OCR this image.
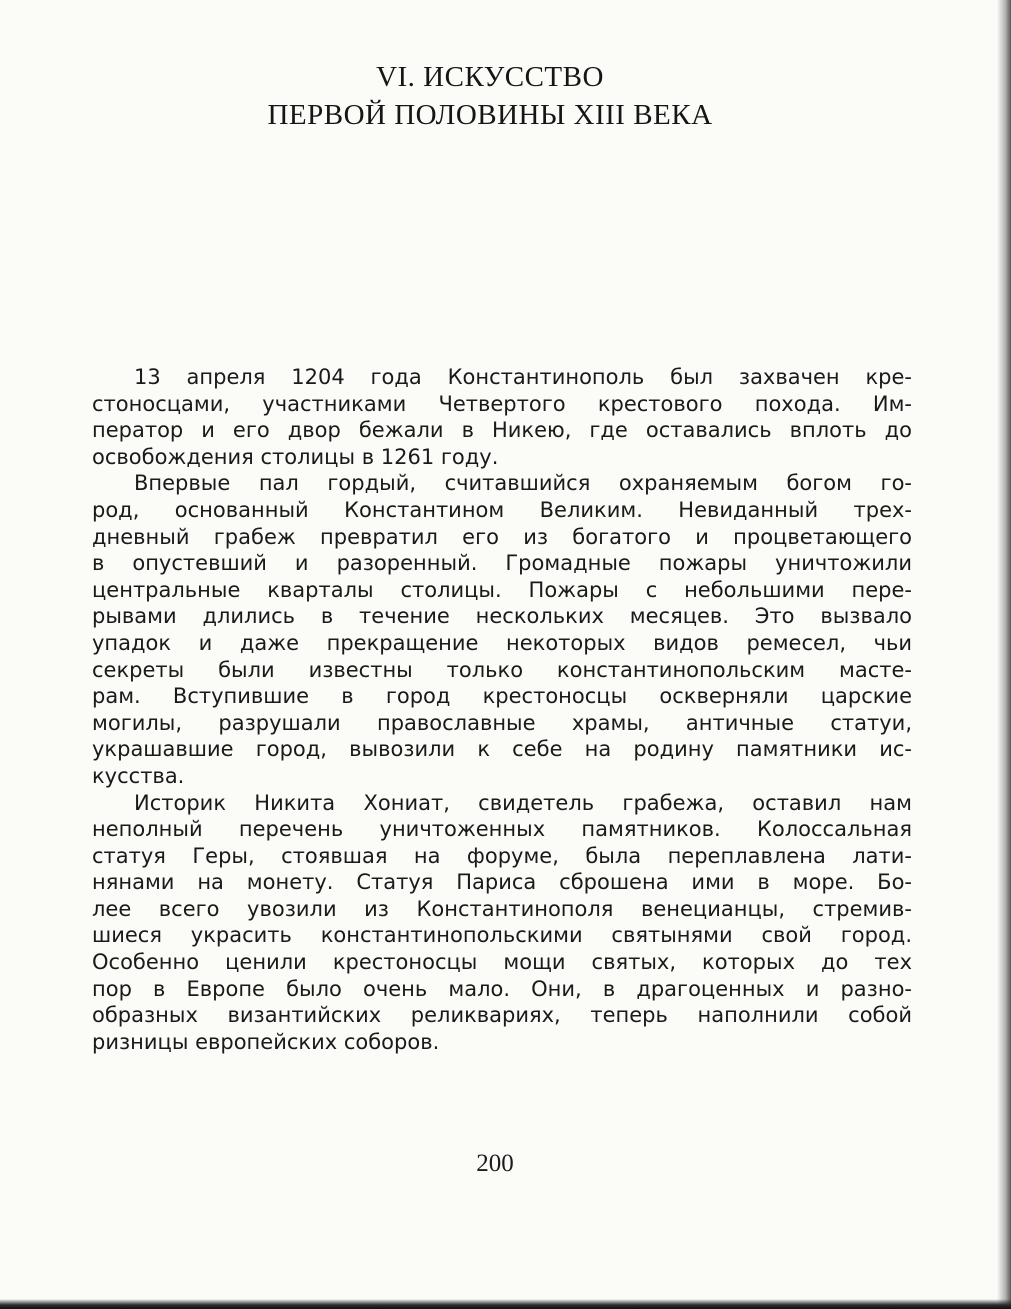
VI. ИСКУССТВО
ПЕРВОЙ ПОЛОВИНЫ XIII ВЕКА
13 апреля 1204 года Константинополь был захвачен кре-
стоносцами, участниками Четвертого крестового похода. Им-
ператор и его двор бежали в Никею, где оставались вплоть до
освобождения столицы в 1261 году.
Впервые пал гордый, считавшийся охраняемым богом го-
род, основанный Константином Великим. Невиданный трех-
дневный грабеж превратил его из богатого и процветающего
в опустевший и разоренный. Громадные пожары уничтожили
центральные кварталы столицы. Пожары с небольшими пере-
рывами длились в течение нескольких месяцев. Это вызвало
упадок и даже прекращение некоторых видов ремесел, чьи
секреты были известны только константинопольским масте-
рам. Вступившие в город крестоносцы оскверняли царские
могилы, разрушали православные храмы, античные статуи,
украшавшие город, вывозили к себе на родину памятники ис-
кусства.
Историк Никита Хониат, свидетель грабежа, оставил нам
неполный перечень уничтоженных памятников. Колоссальная
статуя Геры, стоявшая на форуме, была переплавлена лати-
нянами на монету. Статуя Париса сброшена ими в море. Бо-
лее всего увозили из Константинополя венецианцы, стремив-
шиеся украсить константинопольскими святынями свой город.
Особенно ценили крестоносцы мощи святых, которых до тех
пор в Европе было очень мало. Они, в драгоценных и разно-
образных византийских реликвариях, теперь наполнили собой
ризницы европейских соборов.
200
